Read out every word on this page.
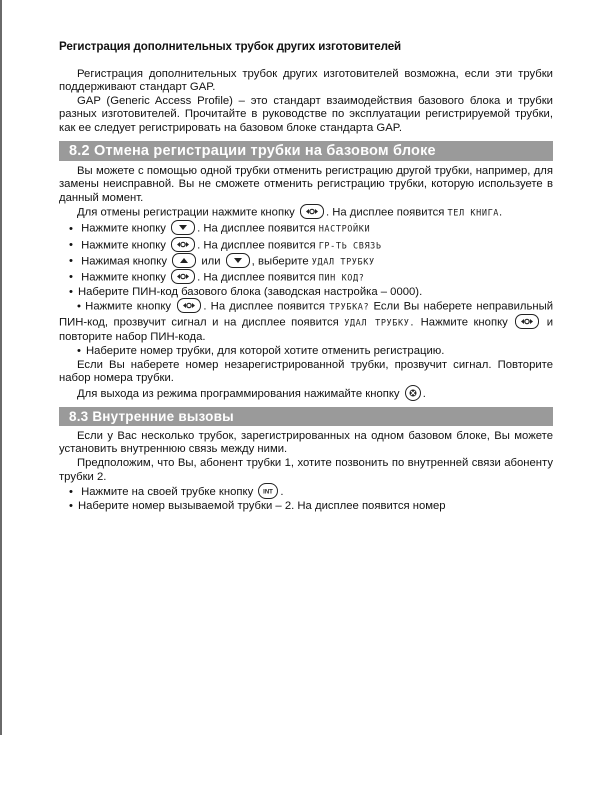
Регистрация дополнительных трубок других изготовителей

Регистрация дополнительных трубок других изготовителей возможна, если эти трубки поддерживают стандарт GAP.

GAP (Generic Access Profile) – это стандарт взаимодействия базового блока и трубки разных изготовителей. Прочитайте в руководстве по эксплуатации регистрируемой трубки, как ее следует регистрировать на базовом блоке стандарта GAP.

8.2 Отмена регистрации трубки на базовом блоке

Вы можете с помощью одной трубки отменить регистрацию другой трубки, например, для замены неисправной. Вы не сможете отменить регистрацию трубки, которую используете в данный момент.

Для отмены регистрации нажмите кнопку	. На дисплее появится ТЕЛ КНИГА.

• Нажмите кнопку	. На дисплее появится НАСТРОЙКИ
• Нажмите кнопку	. На дисплее появится ГР-ТЬ СВЯЗЬ
• Нажимая кнопку	или	, выберите УДАЛ ТРУБКУ
• Нажмите кнопку	. На дисплее появится ПИН КОД?
• Наберите ПИН-код базового блока (заводская настройка – 0000).

• Нажмите кнопку	. На дисплее появится ТРУБКА? Если Вы наберете неправильный ПИН-код, прозвучит сигнал и на дисплее появится УДАЛ ТРУБКУ. Нажмите кнопку	и повторите набор ПИН-кода.

• Наберите номер трубки, для которой хотите отменить регистрацию.

Если Вы наберете номер незарегистрированной трубки, прозвучит сигнал. Повторите набор номера трубки.

Для выхода из режима программирования нажимайте кнопку .

8.3 Внутренние вызовы

Если у Вас несколько трубок, зарегистрированных на одном базовом блоке, Вы можете установить внутреннюю связь между ними.

Предположим, что Вы, абонент трубки 1, хотите позвонить по внутренней связи абоненту трубки 2.

• Нажмите на своей трубке кнопку INT .
• Наберите номер вызываемой трубки – 2. На дисплее появится номер
